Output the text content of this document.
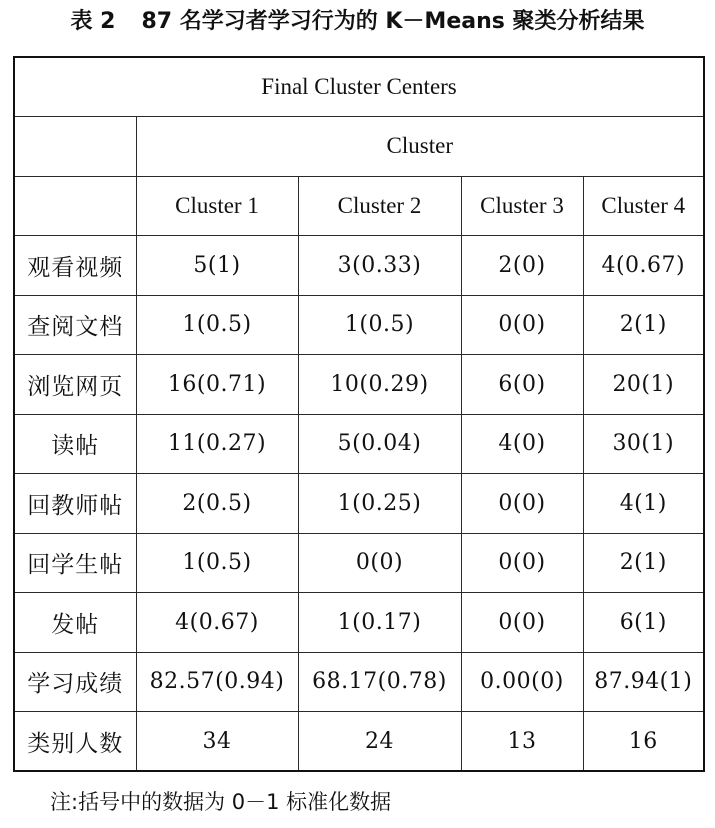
表 2 87 名学习者学习行为的 K－Means 聚类分析结果
Final Cluster Centers				
	Cluster			
	Cluster 1	Cluster 2	Cluster 3	Cluster 4
观看视频	5(1)	3(0.33)	2(0)	4(0.67)
查阅文档	1(0.5)	1(0.5)	0(0)	2(1)
浏览网页	16(0.71)	10(0.29)	6(0)	20(1)
读帖	11(0.27)	5(0.04)	4(0)	30(1)
回教师帖	2(0.5)	1(0.25)	0(0)	4(1)
回学生帖	1(0.5)	0(0)	0(0)	2(1)
发帖	4(0.67)	1(0.17)	0(0)	6(1)
学习成绩	82.57(0.94)	68.17(0.78)	0.00(0)	87.94(1)
类别人数	34	24	13	16
注:括号中的数据为 0－1 标准化数据
